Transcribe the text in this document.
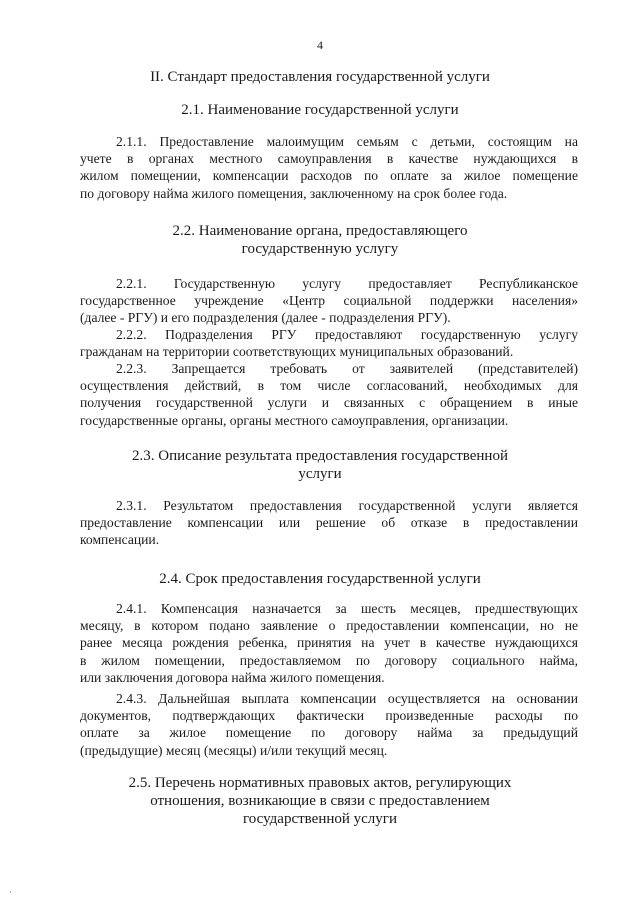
4
II. Стандарт предоставления государственной услуги
2.1. Наименование государственной услуги
2.1.1. Предоставление малоимущим семьям с детьми, состоящим на
учете в органах местного самоуправления в качестве нуждающихся в
жилом помещении, компенсации расходов по оплате за жилое помещение
по договору найма жилого помещения, заключенному на срок более года.
2.2. Наименование органа, предоставляющего
государственную услугу
2.2.1. Государственную услугу предоставляет Республиканское
государственное учреждение «Центр социальной поддержки населения»
(далее - РГУ) и его подразделения (далее - подразделения РГУ).
2.2.2. Подразделения РГУ предоставляют государственную услугу
гражданам на территории соответствующих муниципальных образований.
2.2.3. Запрещается требовать от заявителей (представителей)
осуществления действий, в том числе согласований, необходимых для
получения государственной услуги и связанных с обращением в иные
государственные органы, органы местного самоуправления, организации.
2.3. Описание результата предоставления государственной
услуги
2.3.1. Результатом предоставления государственной услуги является
предоставление компенсации или решение об отказе в предоставлении
компенсации.
2.4. Срок предоставления государственной услуги
2.4.1. Компенсация назначается за шесть месяцев, предшествующих
месяцу, в котором подано заявление о предоставлении компенсации, но не
ранее месяца рождения ребенка, принятия на учет в качестве нуждающихся
в жилом помещении, предоставляемом по договору социального найма,
или заключения договора найма жилого помещения.
2.4.3. Дальнейшая выплата компенсации осуществляется на основании
документов, подтверждающих фактически произведенные расходы по
оплате за жилое помещение по договору найма за предыдущий
(предыдущие) месяц (месяцы) и/или текущий месяц.
2.5. Перечень нормативных правовых актов, регулирующих
отношения, возникающие в связи с предоставлением
государственной услуги
·
